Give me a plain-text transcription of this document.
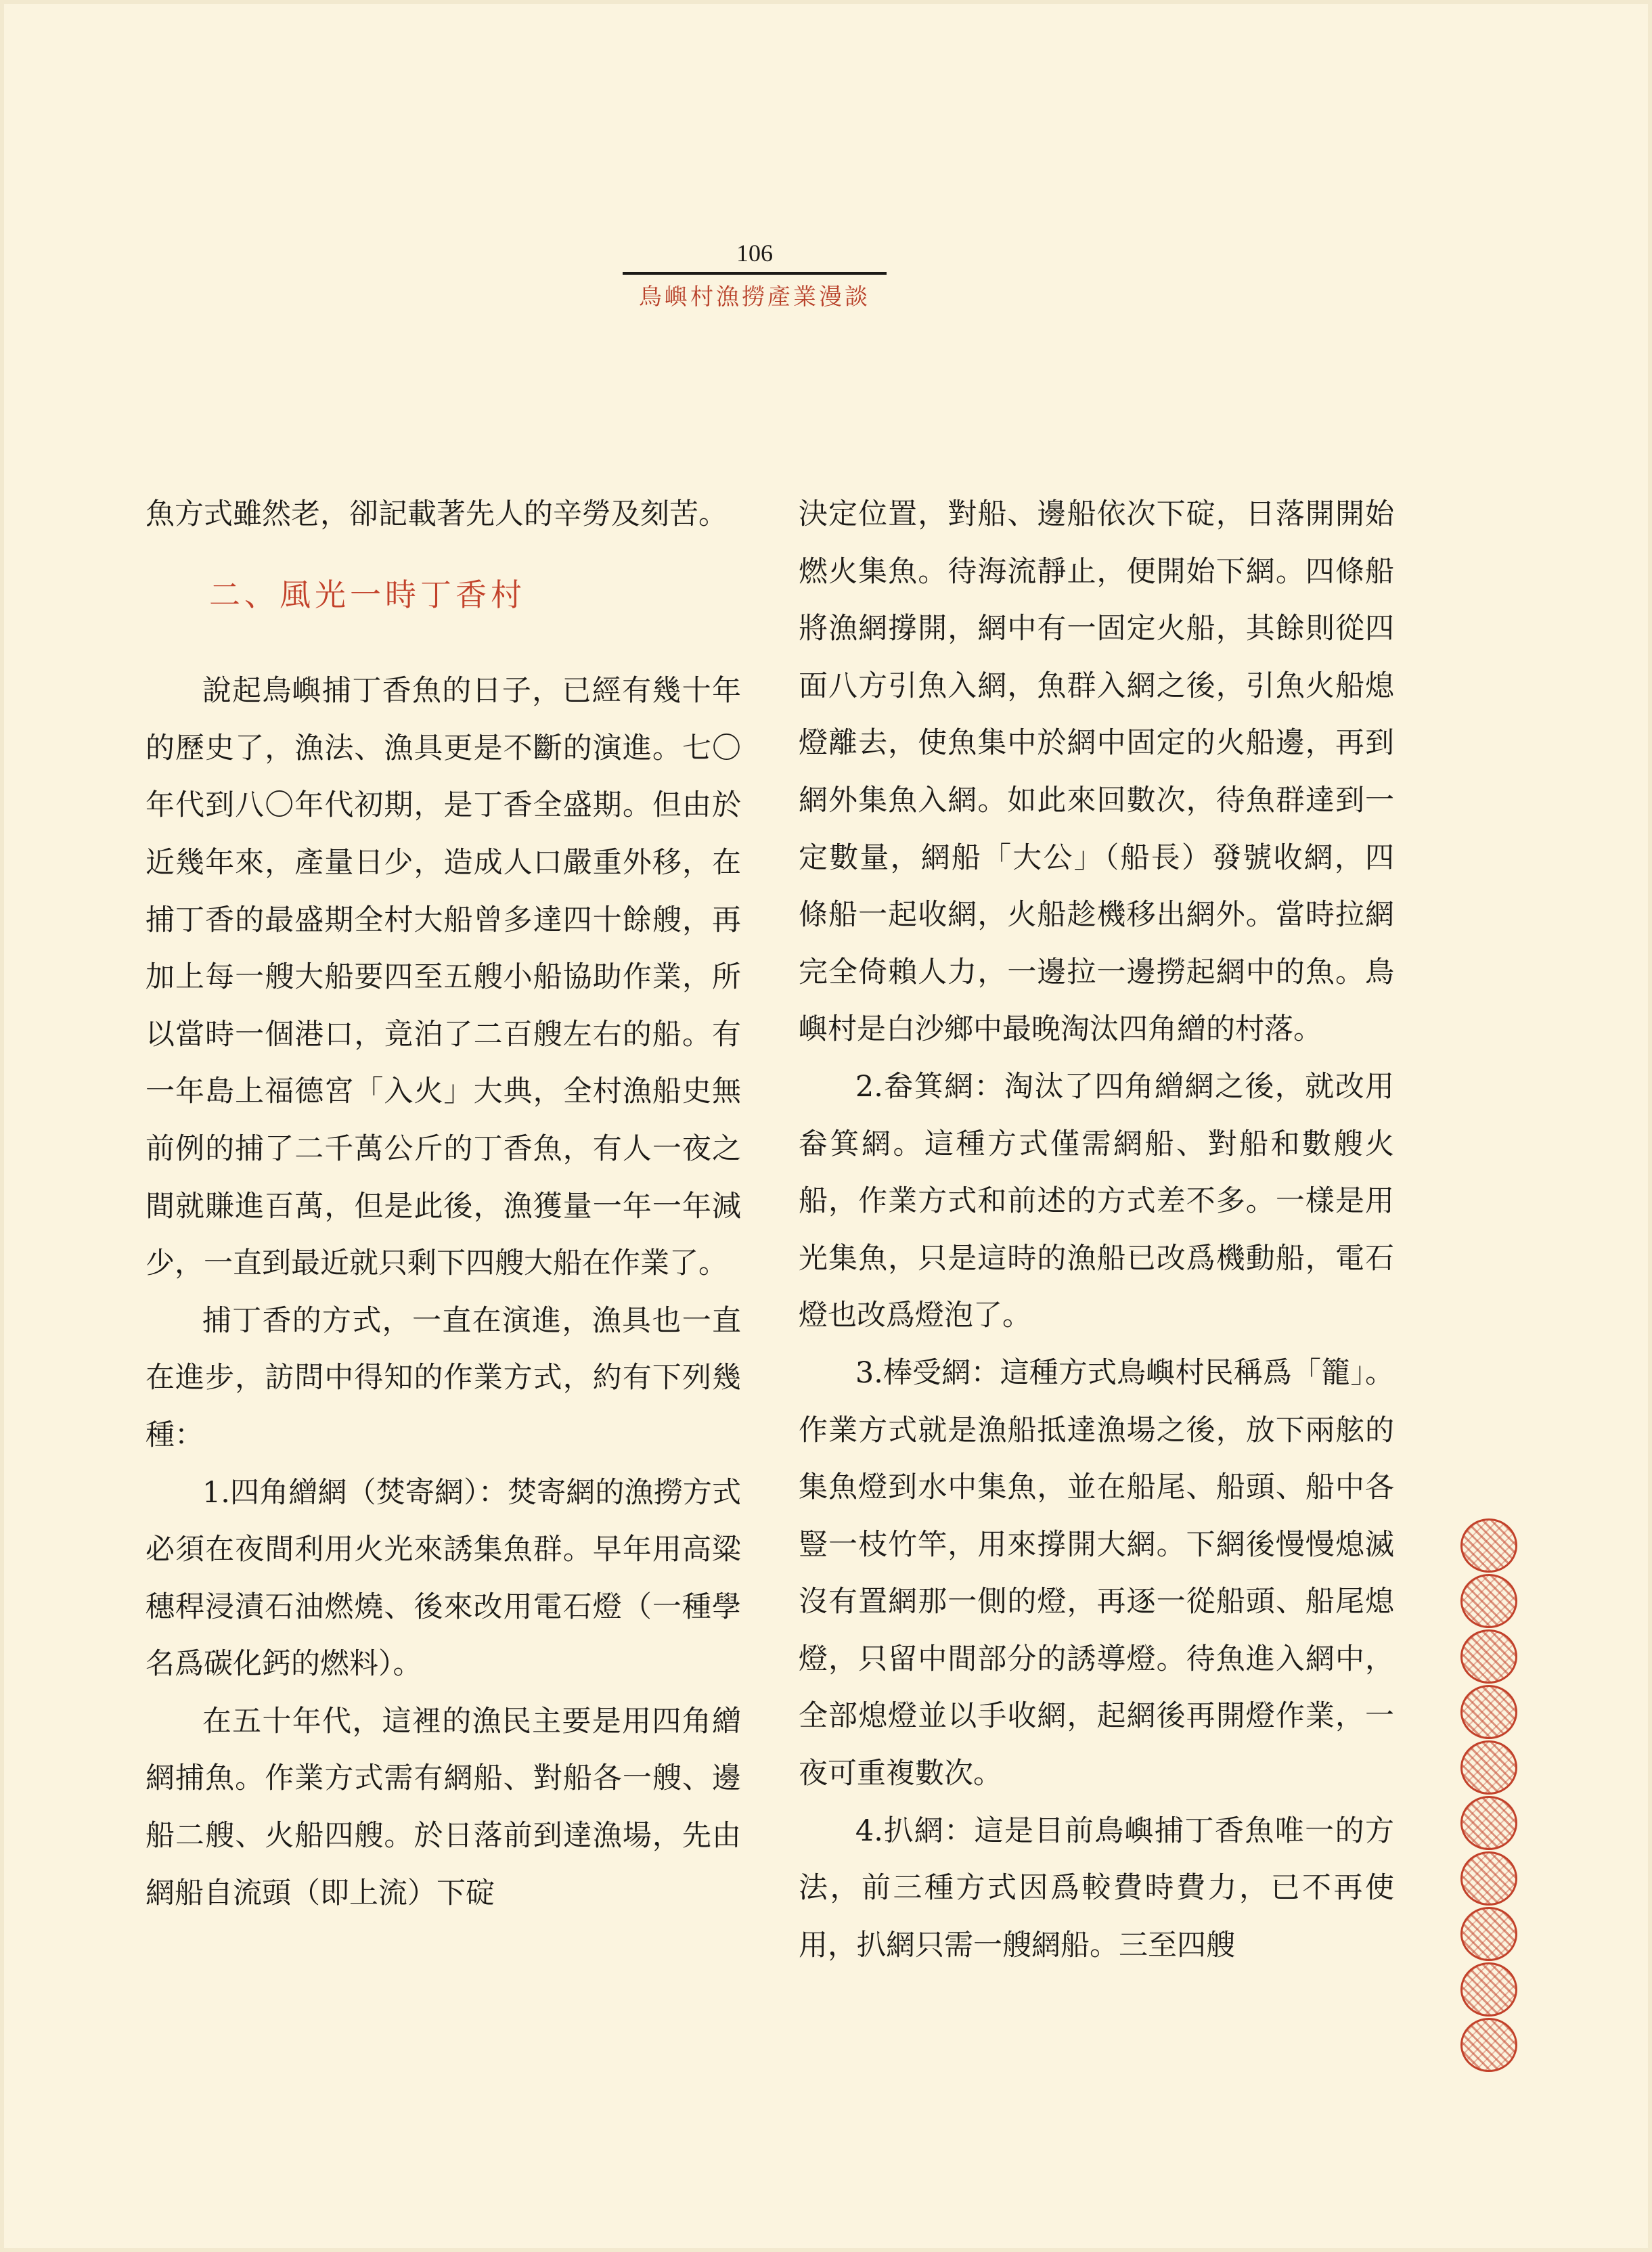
106
鳥嶼村漁撈產業漫談

魚方式雖然老，卻記載著先人的辛勞及刻苦。

二、風光一時丁香村

說起鳥嶼捕丁香魚的日子，已經有幾十年的歷史了，漁法、漁具更是不斷的演進。七〇年代到八〇年代初期，是丁香全盛期。但由於近幾年來，產量日少，造成人口嚴重外移，在捕丁香的最盛期全村大船曾多達四十餘艘，再加上每一艘大船要四至五艘小船協助作業，所以當時一個港口，竟泊了二百艘左右的船。有一年島上福德宮「入火」大典，全村漁船史無前例的捕了二千萬公斤的丁香魚，有人一夜之間就賺進百萬，但是此後，漁獲量一年一年減少，一直到最近就只剩下四艘大船在作業了。

捕丁香的方式，一直在演進，漁具也一直在進步，訪問中得知的作業方式，約有下列幾種：

1.四角繒網（焚寄網）：焚寄網的漁撈方式必須在夜間利用火光來誘集魚群。早年用高粱穗稈浸漬石油燃燒、後來改用電石燈（一種學名爲碳化鈣的燃料）。

在五十年代，這裡的漁民主要是用四角繒網捕魚。作業方式需有網船、對船各一艘、邊船二艘、火船四艘。於日落前到達漁場，先由網船自流頭（即上流）下碇

決定位置，對船、邊船依次下碇，日落開開始燃火集魚。待海流靜止，便開始下網。四條船將漁網撐開，網中有一固定火船，其餘則從四面八方引魚入網，魚群入網之後，引魚火船熄燈離去，使魚集中於網中固定的火船邊，再到網外集魚入網。如此來回數次，待魚群達到一定數量，網船「大公」（船長）發號收網，四條船一起收網，火船趁機移出網外。當時拉網完全倚賴人力，一邊拉一邊撈起網中的魚。鳥嶼村是白沙鄉中最晚淘汰四角繒的村落。

2.畚箕網：淘汰了四角繒網之後，就改用畚箕網。這種方式僅需網船、對船和數艘火船，作業方式和前述的方式差不多。一樣是用光集魚，只是這時的漁船已改爲機動船，電石燈也改爲燈泡了。

3.棒受網：這種方式鳥嶼村民稱爲「籠」。作業方式就是漁船抵達漁場之後，放下兩舷的集魚燈到水中集魚，並在船尾、船頭、船中各豎一枝竹竿，用來撐開大網。下網後慢慢熄滅沒有置網那一側的燈，再逐一從船頭、船尾熄燈，只留中間部分的誘導燈。待魚進入網中，全部熄燈並以手收網，起網後再開燈作業，一夜可重複數次。

4.扒網：這是目前鳥嶼捕丁香魚唯一的方法，前三種方式因爲較費時費力，已不再使用，扒網只需一艘網船。三至四艘
